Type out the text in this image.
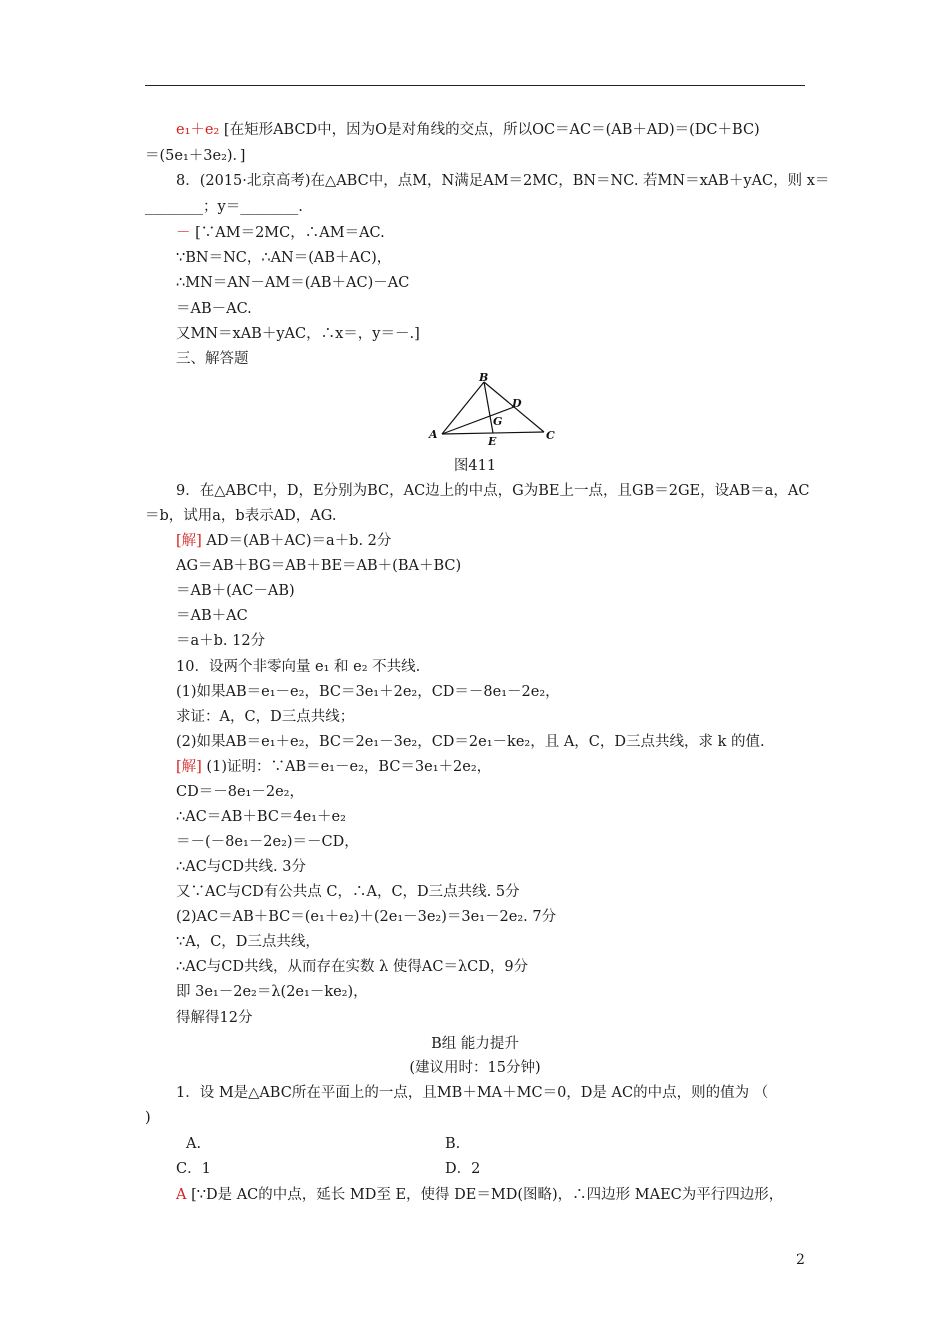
e₁＋e₂ [在矩形ABCD中，因为O是对角线的交点，所以OC＝AC＝(AB＋AD)＝(DC＋BC)
＝(5e₁＋3e₂)．]
8．(2015·北京高考)在△ABC中，点M，N满足AM＝2MC，BN＝NC. 若MN＝xAB＋yAC，则 x＝
________；y＝________.
－ [∵AM＝2MC，∴AM＝AC.
∵BN＝NC，∴AN＝(AB＋AC)，
∴MN＝AN－AM＝(AB＋AC)－AC
＝AB－AC.
又MN＝xAB＋yAC，∴x＝，y＝－.]
三、解答题
A
B
C
D
E
G
图411
9．在△ABC中，D，E分别为BC，AC边上的中点，G为BE上一点，且GB＝2GE，设AB＝a，AC
＝b，试用a，b表示AD，AG.
[解] AD＝(AB＋AC)＝a＋b. 2分
AG＝AB＋BG＝AB＋BE＝AB＋(BA＋BC)
＝AB＋(AC－AB)
＝AB＋AC
＝a＋b. 12分
10．设两个非零向量 e₁ 和 e₂ 不共线.
(1)如果AB＝e₁－e₂，BC＝3e₁＋2e₂，CD＝－8e₁－2e₂，
求证：A，C，D三点共线；
(2)如果AB＝e₁＋e₂，BC＝2e₁－3e₂，CD＝2e₁－ke₂，且 A，C，D三点共线，求 k 的值.
[解] (1)证明：∵AB＝e₁－e₂，BC＝3e₁＋2e₂，
CD＝－8e₁－2e₂，
∴AC＝AB＋BC＝4e₁＋e₂
＝－(－8e₁－2e₂)＝－CD，
∴AC与CD共线. 3分
又∵AC与CD有公共点 C，∴A，C，D三点共线. 5分
(2)AC＝AB＋BC＝(e₁＋e₂)＋(2e₁－3e₂)＝3e₁－2e₂. 7分
∵A，C，D三点共线，
∴AC与CD共线，从而存在实数 λ 使得AC＝λCD，9分
即 3e₁－2e₂＝λ(2e₁－ke₂)，
得解得12分
B组 能力提升
(建议用时：15分钟)
1．设 M是△ABC所在平面上的一点，且MB＋MA＋MC＝0，D是 AC的中点，则的值为 （
)
A.	B.
C．1	D．2
A [∵D是 AC的中点，延长 MD至 E，使得 DE＝MD(图略)，∴四边形 MAEC为平行四边形，
2
